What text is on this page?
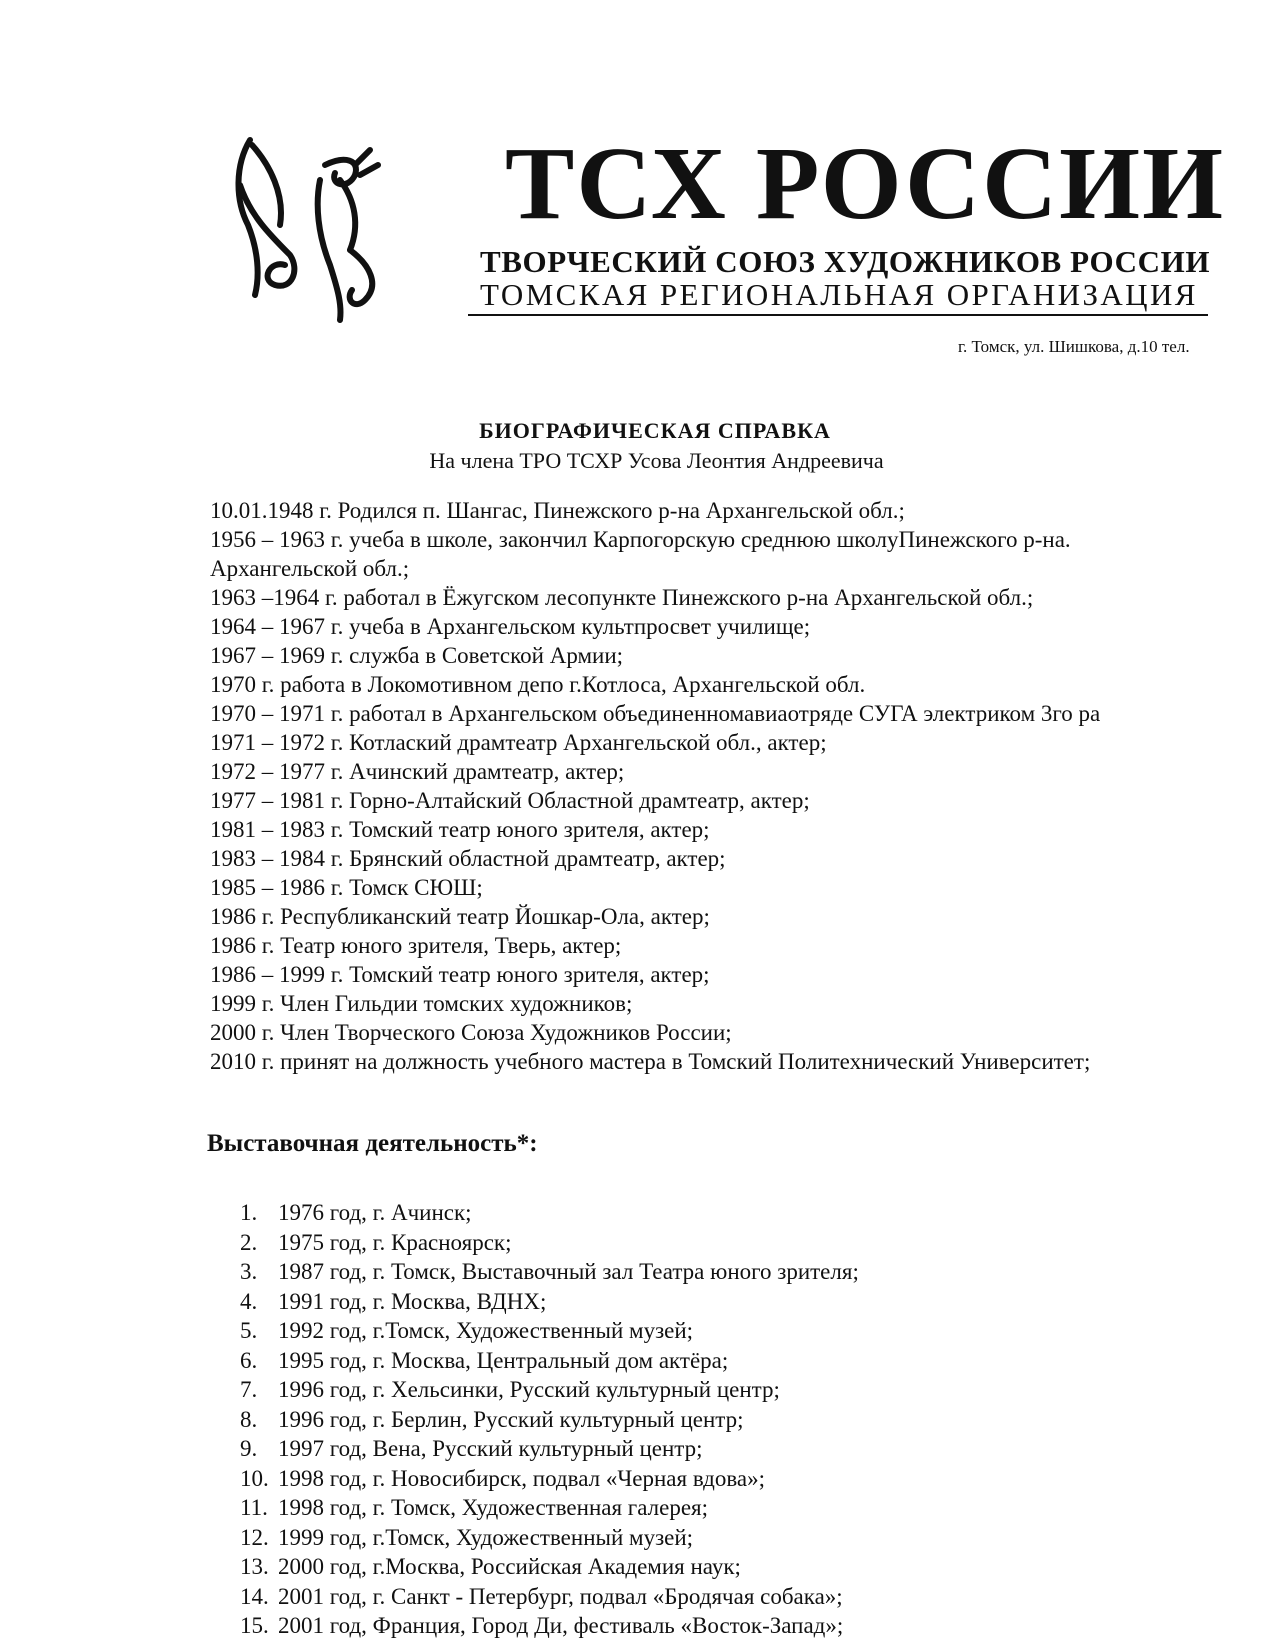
ТСХ РОССИИ
ТВОРЧЕСКИЙ СОЮЗ ХУДОЖНИКОВ РОССИИ
ТОМСКАЯ РЕГИОНАЛЬНАЯ ОРГАНИЗАЦИЯ
г. Томск, ул. Шишкова, д.10 тел.
БИОГРАФИЧЕСКАЯ СПРАВКА
На члена ТРО ТСХР Усова Леонтия Андреевича

10.01.1948 г. Родился п. Шангас, Пинежского р-на Архангельской обл.;

1956 – 1963 г. учеба в школе, закончил Карпогорскую среднюю школуПинежского р-на.

Архангельской обл.;

1963 –1964 г. работал в Ёжугском лесопункте Пинежского р-на Архангельской обл.;

1964 – 1967 г. учеба в Архангельском культпросвет училище;

1967 – 1969 г. служба в Советской Армии;

1970 г. работа в Локомотивном депо г.Котлоса, Архангельской обл.

1970 – 1971 г. работал в Архангельском объединенномавиаотряде СУГА электриком 3го ра

1971 – 1972 г. Котлаский драмтеатр Архангельской обл., актер;

1972 – 1977 г. Ачинский драмтеатр, актер;

1977 – 1981 г. Горно-Алтайский Областной драмтеатр, актер;

1981 – 1983 г. Томский театр юного зрителя, актер;

1983 – 1984 г. Брянский областной драмтеатр, актер;

1985 – 1986 г. Томск СЮШ;

1986 г. Республиканский театр Йошкар-Ола, актер;

1986 г. Театр юного зрителя, Тверь, актер;

1986 – 1999 г. Томский театр юного зрителя, актер;

1999 г. Член Гильдии томских художников;

2000 г. Член Творческого Союза Художников России;

2010 г. принят на должность учебного мастера в Томский Политехнический Университет;

Выставочная деятельность*:
1. 1976 год, г. Ачинск;
2. 1975 год, г. Красноярск;
3. 1987 год, г. Томск, Выставочный зал Театра юного зрителя;
4. 1991 год, г. Москва, ВДНХ;
5. 1992 год, г.Томск, Художественный музей;
6. 1995 год, г. Москва, Центральный дом актёра;
7. 1996 год, г. Хельсинки, Русский культурный центр;
8. 1996 год, г. Берлин, Русский культурный центр;
9. 1997 год, Вена, Русский культурный центр;
10. 1998 год, г. Новосибирск, подвал «Черная вдова»;
11. 1998 год, г. Томск, Художественная галерея;
12. 1999 год, г.Томск, Художественный музей;
13. 2000 год, г.Москва, Российская Академия наук;
14. 2001 год, г. Санкт - Петербург, подвал «Бродячая собака»;
15. 2001 год, Франция, Город Ди, фестиваль «Восток-Запад»;
